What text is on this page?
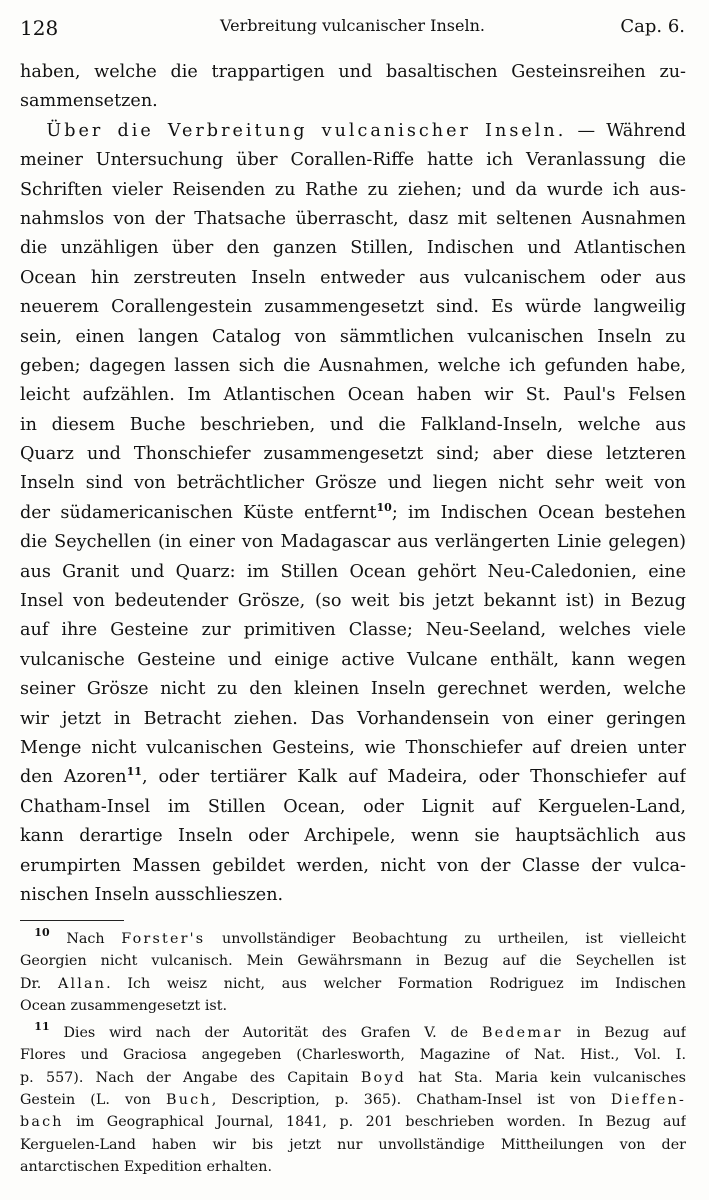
128	Verbreitung vulcanischer Inseln.	Cap. 6.
haben, welche die trappartigen und basaltischen Gesteinsreihen zu-
sammensetzen.
  Über die Verbreitung vulcanischer Inseln. — Während
meiner Untersuchung über Corallen-Riffe hatte ich Veranlassung die
Schriften vieler Reisenden zu Rathe zu ziehen; und da wurde ich aus-
nahmslos von der Thatsache überrascht, dasz mit seltenen Ausnahmen
die unzähligen über den ganzen Stillen, Indischen und Atlantischen
Ocean hin zerstreuten Inseln entweder aus vulcanischem oder aus
neuerem Corallengestein zusammengesetzt sind. Es würde langweilig
sein, einen langen Catalog von sämmtlichen vulcanischen Inseln zu
geben; dagegen lassen sich die Ausnahmen, welche ich gefunden habe,
leicht aufzählen. Im Atlantischen Ocean haben wir St. Paul's Felsen
in diesem Buche beschrieben, und die Falkland-Inseln, welche aus
Quarz und Thonschiefer zusammengesetzt sind; aber diese letzteren
Inseln sind von beträchtlicher Grösze und liegen nicht sehr weit von
der südamericanischen Küste entfernt$^{10}$; im Indischen Ocean bestehen
die Seychellen (in einer von Madagascar aus verlängerten Linie gelegen)
aus Granit und Quarz: im Stillen Ocean gehört Neu-Caledonien, eine
Insel von bedeutender Grösze, (so weit bis jetzt bekannt ist) in Bezug
auf ihre Gesteine zur primitiven Classe; Neu-Seeland, welches viele
vulcanische Gesteine und einige active Vulcane enthält, kann wegen
seiner Grösze nicht zu den kleinen Inseln gerechnet werden, welche
wir jetzt in Betracht ziehen. Das Vorhandensein von einer geringen
Menge nicht vulcanischen Gesteins, wie Thonschiefer auf dreien unter
den Azoren$^{11}$, oder tertiärer Kalk auf Madeira, oder Thonschiefer auf
Chatham-Insel im Stillen Ocean, oder Lignit auf Kerguelen-Land,
kann derartige Inseln oder Archipele, wenn sie hauptsächlich aus
erumpirten Massen gebildet werden, nicht von der Classe der vulca-
nischen Inseln ausschlieszen.
 $^{10}$ Nach Forster's unvollständiger Beobachtung zu urtheilen, ist vielleicht
Georgien nicht vulcanisch. Mein Gewährsmann in Bezug auf die Seychellen ist
Dr. Allan. Ich weisz nicht, aus welcher Formation Rodriguez im Indischen
Ocean zusammengesetzt ist.
 $^{11}$ Dies wird nach der Autorität des Grafen V. de Bedemar in Bezug auf
Flores und Graciosa angegeben (Charlesworth, Magazine of Nat. Hist., Vol. I.
p. 557). Nach der Angabe des Capitain Boyd hat Sta. Maria kein vulcanisches
Gestein (L. von Buch, Description, p. 365). Chatham-Insel ist von Dieffen-
bach im Geographical Journal, 1841, p. 201 beschrieben worden. In Bezug auf
Kerguelen-Land haben wir bis jetzt nur unvollständige Mittheilungen von der
antarctischen Expedition erhalten.
